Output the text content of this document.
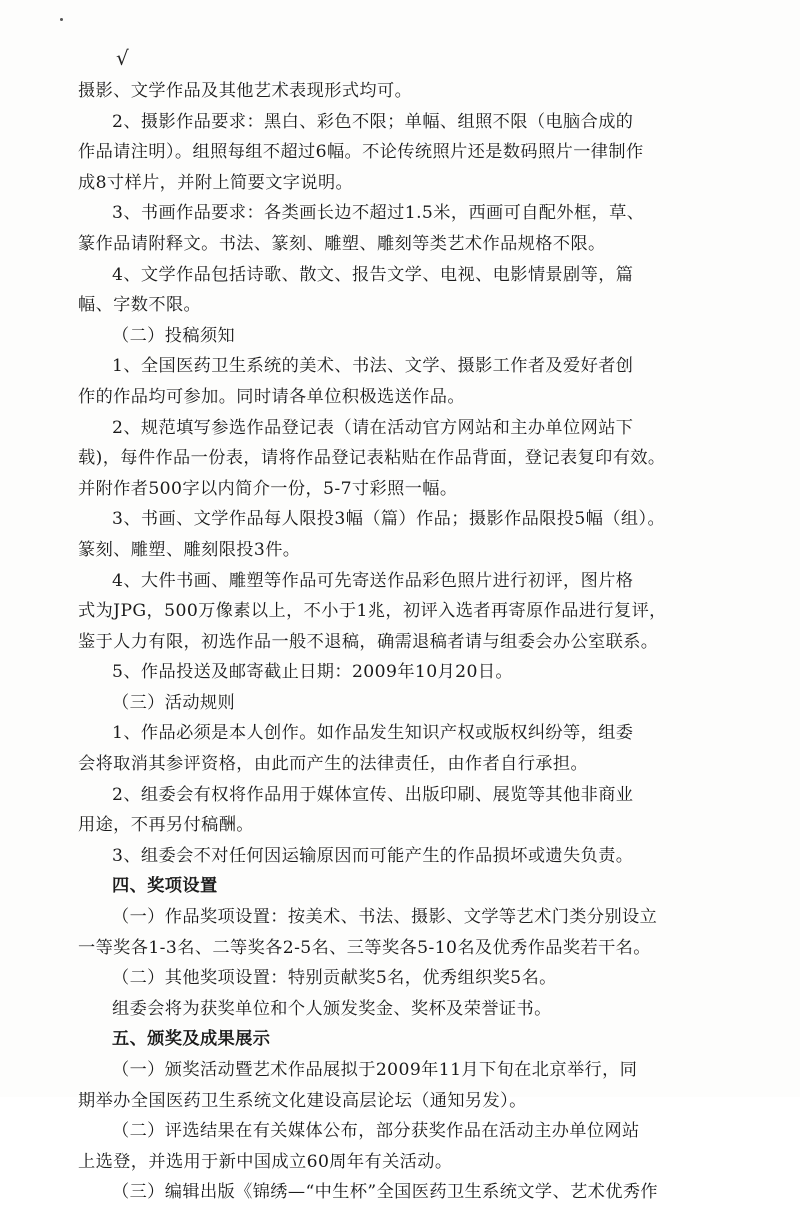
√
摄影、文学作品及其他艺术表现形式均可。
2、摄影作品要求：黑白、彩色不限；单幅、组照不限（电脑合成的
作品请注明）。组照每组不超过6幅。不论传统照片还是数码照片一律制作
成8寸样片，并附上简要文字说明。
3、书画作品要求：各类画长边不超过1.5米，西画可自配外框，草、
篆作品请附释文。书法、篆刻、雕塑、雕刻等类艺术作品规格不限。
4、文学作品包括诗歌、散文、报告文学、电视、电影情景剧等，篇
幅、字数不限。
（二）投稿须知
1、全国医药卫生系统的美术、书法、文学、摄影工作者及爱好者创
作的作品均可参加。同时请各单位积极选送作品。
2、规范填写参选作品登记表（请在活动官方网站和主办单位网站下
载)，每件作品一份表，请将作品登记表粘贴在作品背面，登记表复印有效。
并附作者500字以内简介一份，5-7寸彩照一幅。
3、书画、文学作品每人限投3幅（篇）作品；摄影作品限投5幅（组）。
篆刻、雕塑、雕刻限投3件。
4、大件书画、雕塑等作品可先寄送作品彩色照片进行初评，图片格
式为JPG，500万像素以上，不小于1兆，初评入选者再寄原作品进行复评，
鉴于人力有限，初选作品一般不退稿，确需退稿者请与组委会办公室联系。
5、作品投送及邮寄截止日期：2009年10月20日。
（三）活动规则
1、作品必须是本人创作。如作品发生知识产权或版权纠纷等，组委
会将取消其参评资格，由此而产生的法律责任，由作者自行承担。
2、组委会有权将作品用于媒体宣传、出版印刷、展览等其他非商业
用途，不再另付稿酬。
3、组委会不对任何因运输原因而可能产生的作品损坏或遗失负责。
四、奖项设置
（一）作品奖项设置：按美术、书法、摄影、文学等艺术门类分别设立
一等奖各1-3名、二等奖各2-5名、三等奖各5-10名及优秀作品奖若干名。
（二）其他奖项设置：特别贡献奖5名，优秀组织奖5名。
组委会将为获奖单位和个人颁发奖金、奖杯及荣誉证书。
五、颁奖及成果展示
（一）颁奖活动暨艺术作品展拟于2009年11月下旬在北京举行，同
期举办全国医药卫生系统文化建设高层论坛（通知另发）。
（二）评选结果在有关媒体公布，部分获奖作品在活动主办单位网站
上选登，并选用于新中国成立60周年有关活动。
（三）编辑出版《锦绣—“中生杯”全国医药卫生系统文学、艺术优秀作
